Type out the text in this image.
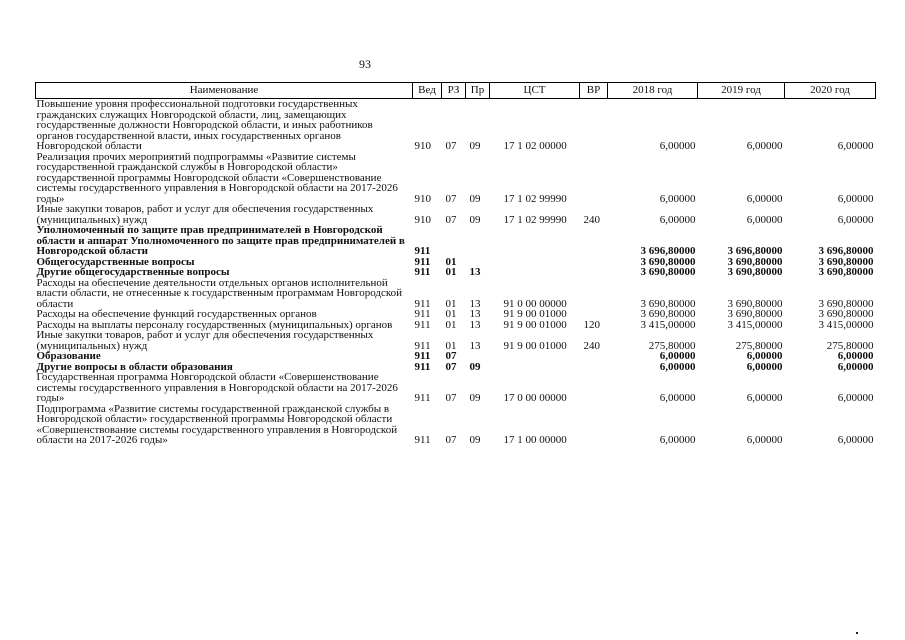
93
Наименование	Вед	РЗ	Пр	ЦСТ	ВР	2018 год	2019 год	2020 год
Повышение уровня профессиональной подготовки государственных гражданских служащих Новгородской области, лиц, замещающих государственные должности Новгородской области, и иных работников органов государственной власти, иных государственных органов Новгородской области	910	07	09	17 1 02 00000		6,00000	6,00000	6,00000
Реализация прочих мероприятий подпрограммы «Развитие системы государственной гражданской службы в Новгородской области» государственной программы Новгородской области «Совершенствование системы государственного управления в Новгородской области на 2017-2026 годы»	910	07	09	17 1 02 99990		6,00000	6,00000	6,00000
Иные закупки товаров, работ и услуг для обеспечения государственных (муниципальных) нужд	910	07	09	17 1 02 99990	240	6,00000	6,00000	6,00000
Уполномоченный по защите прав предпринимателей в Новгородской области и аппарат Уполномоченного по защите прав предпринимателей в Новгородской области	911					3 696,80000	3 696,80000	3 696,80000
Общегосударственные вопросы	911	01				3 690,80000	3 690,80000	3 690,80000
Другие общегосударственные вопросы	911	01	13			3 690,80000	3 690,80000	3 690,80000
Расходы на обеспечение деятельности отдельных органов исполнительной власти области, не отнесенные к государственным программам Новгородской области	911	01	13	91 0 00 00000		3 690,80000	3 690,80000	3 690,80000
Расходы на обеспечение функций государственных органов	911	01	13	91 9 00 01000		3 690,80000	3 690,80000	3 690,80000
Расходы на выплаты персоналу государственных (муниципальных) органов	911	01	13	91 9 00 01000	120	3 415,00000	3 415,00000	3 415,00000
Иные закупки товаров, работ и услуг для обеспечения государственных (муниципальных) нужд	911	01	13	91 9 00 01000	240	275,80000	275,80000	275,80000
Образование	911	07				6,00000	6,00000	6,00000
Другие вопросы в области образования	911	07	09			6,00000	6,00000	6,00000
Государственная программа Новгородской области «Совершенствование системы государственного управления в Новгородской области на 2017-2026 годы»	911	07	09	17 0 00 00000		6,00000	6,00000	6,00000
Подпрограмма «Развитие системы государственной гражданской службы в Новгородской области» государственной программы Новгородской области «Совершенствование системы государственного управления в Новгородской области на 2017-2026 годы»	911	07	09	17 1 00 00000		6,00000	6,00000	6,00000
